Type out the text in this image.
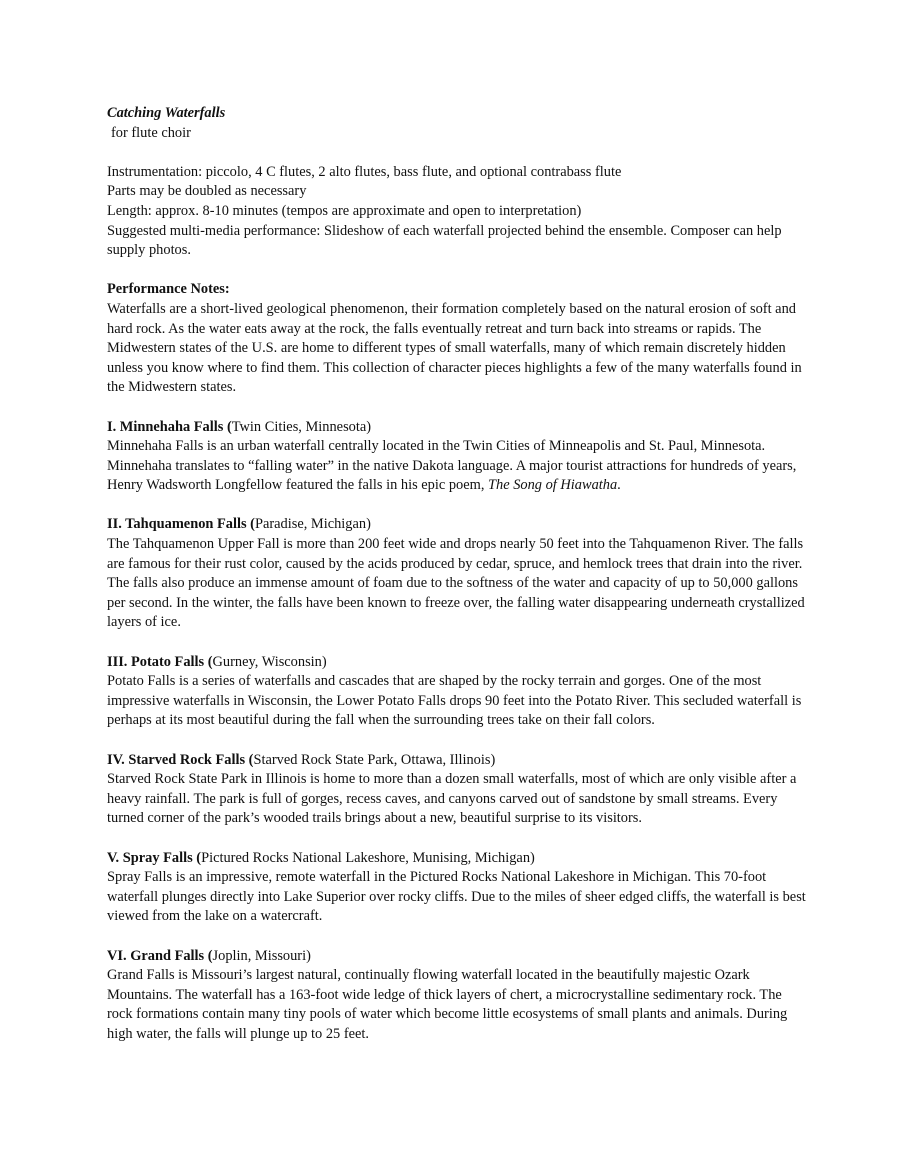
Catching Waterfalls

for flute choir

Instrumentation: piccolo, 4 C flutes, 2 alto flutes, bass flute, and optional contrabass flute

Parts may be doubled as necessary

Length: approx. 8-10 minutes (tempos are approximate and open to interpretation)

Suggested multi-media performance: Slideshow of each waterfall projected behind the ensemble. Composer can help supply photos.

Performance Notes:

Waterfalls are a short-lived geological phenomenon, their formation completely based on the natural erosion of soft and hard rock. As the water eats away at the rock, the falls eventually retreat and turn back into streams or rapids. The Midwestern states of the U.S. are home to different types of small waterfalls, many of which remain discretely hidden unless you know where to find them. This collection of character pieces highlights a few of the many waterfalls found in the Midwestern states.

I. Minnehaha Falls (Twin Cities, Minnesota)

Minnehaha Falls is an urban waterfall centrally located in the Twin Cities of Minneapolis and St. Paul, Minnesota. Minnehaha translates to “falling water” in the native Dakota language. A major tourist attractions for hundreds of years, Henry Wadsworth Longfellow featured the falls in his epic poem, The Song of Hiawatha.

II. Tahquamenon Falls (Paradise, Michigan)

The Tahquamenon Upper Fall is more than 200 feet wide and drops nearly 50 feet into the Tahquamenon River. The falls are famous for their rust color, caused by the acids produced by cedar, spruce, and hemlock trees that drain into the river. The falls also produce an immense amount of foam due to the softness of the water and capacity of up to 50,000 gallons per second. In the winter, the falls have been known to freeze over, the falling water disappearing underneath crystallized layers of ice.

III. Potato Falls (Gurney, Wisconsin)

Potato Falls is a series of waterfalls and cascades that are shaped by the rocky terrain and gorges. One of the most impressive waterfalls in Wisconsin, the Lower Potato Falls drops 90 feet into the Potato River. This secluded waterfall is perhaps at its most beautiful during the fall when the surrounding trees take on their fall colors.

IV. Starved Rock Falls (Starved Rock State Park, Ottawa, Illinois)

Starved Rock State Park in Illinois is home to more than a dozen small waterfalls, most of which are only visible after a heavy rainfall. The park is full of gorges, recess caves, and canyons carved out of sandstone by small streams. Every turned corner of the park’s wooded trails brings about a new, beautiful surprise to its visitors.

V. Spray Falls (Pictured Rocks National Lakeshore, Munising, Michigan)

Spray Falls is an impressive, remote waterfall in the Pictured Rocks National Lakeshore in Michigan. This 70-foot waterfall plunges directly into Lake Superior over rocky cliffs. Due to the miles of sheer edged cliffs, the waterfall is best viewed from the lake on a watercraft.

VI. Grand Falls (Joplin, Missouri)

Grand Falls is Missouri’s largest natural, continually flowing waterfall located in the beautifully majestic Ozark Mountains. The waterfall has a 163-foot wide ledge of thick layers of chert, a microcrystalline sedimentary rock. The rock formations contain many tiny pools of water which become little ecosystems of small plants and animals. During high water, the falls will plunge up to 25 feet.
